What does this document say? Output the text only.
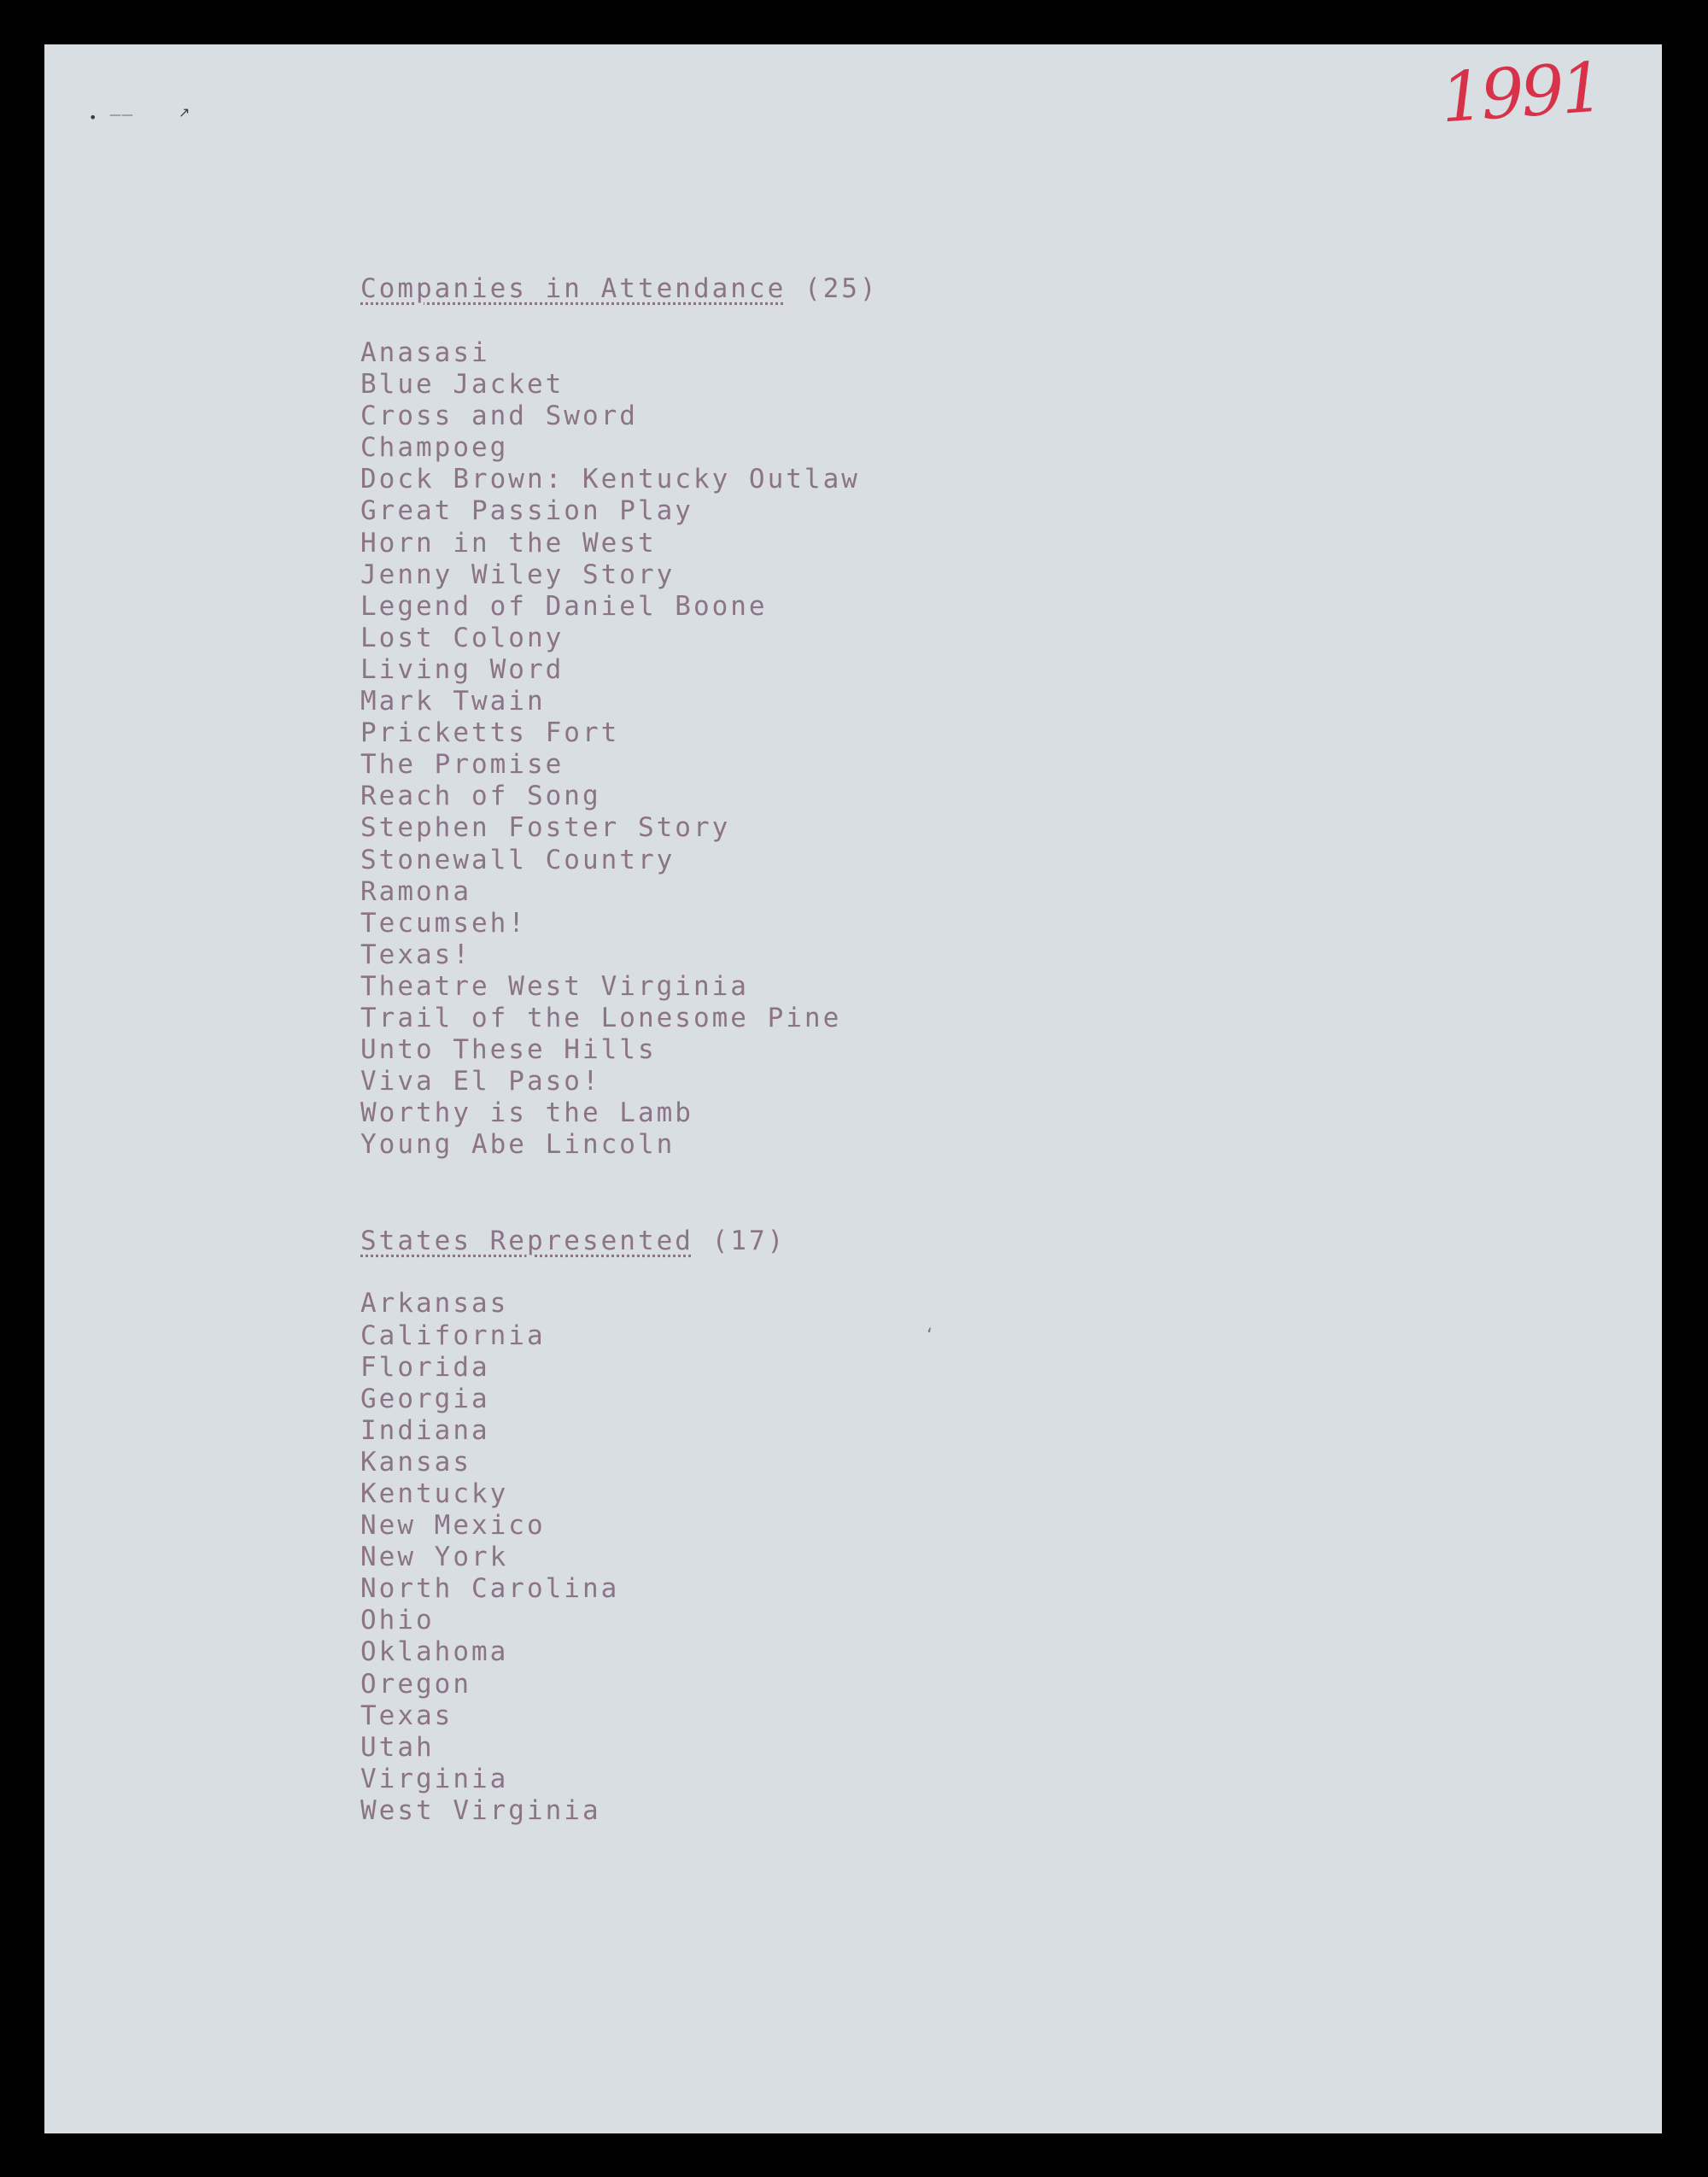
1991
• ——	↗
‘
Companies in Attendance (25)
Anasasi
Blue Jacket
Cross and Sword
Champoeg
Dock Brown: Kentucky Outlaw
Great Passion Play
Horn in the West
Jenny Wiley Story
Legend of Daniel Boone
Lost Colony
Living Word
Mark Twain
Pricketts Fort
The Promise
Reach of Song
Stephen Foster Story
Stonewall Country
Ramona
Tecumseh!
Texas!
Theatre West Virginia
Trail of the Lonesome Pine
Unto These Hills
Viva El Paso!
Worthy is the Lamb
Young Abe Lincoln
States Represented (17)
Arkansas
California
Florida
Georgia
Indiana
Kansas
Kentucky
New Mexico
New York
North Carolina
Ohio
Oklahoma
Oregon
Texas
Utah
Virginia
West Virginia
